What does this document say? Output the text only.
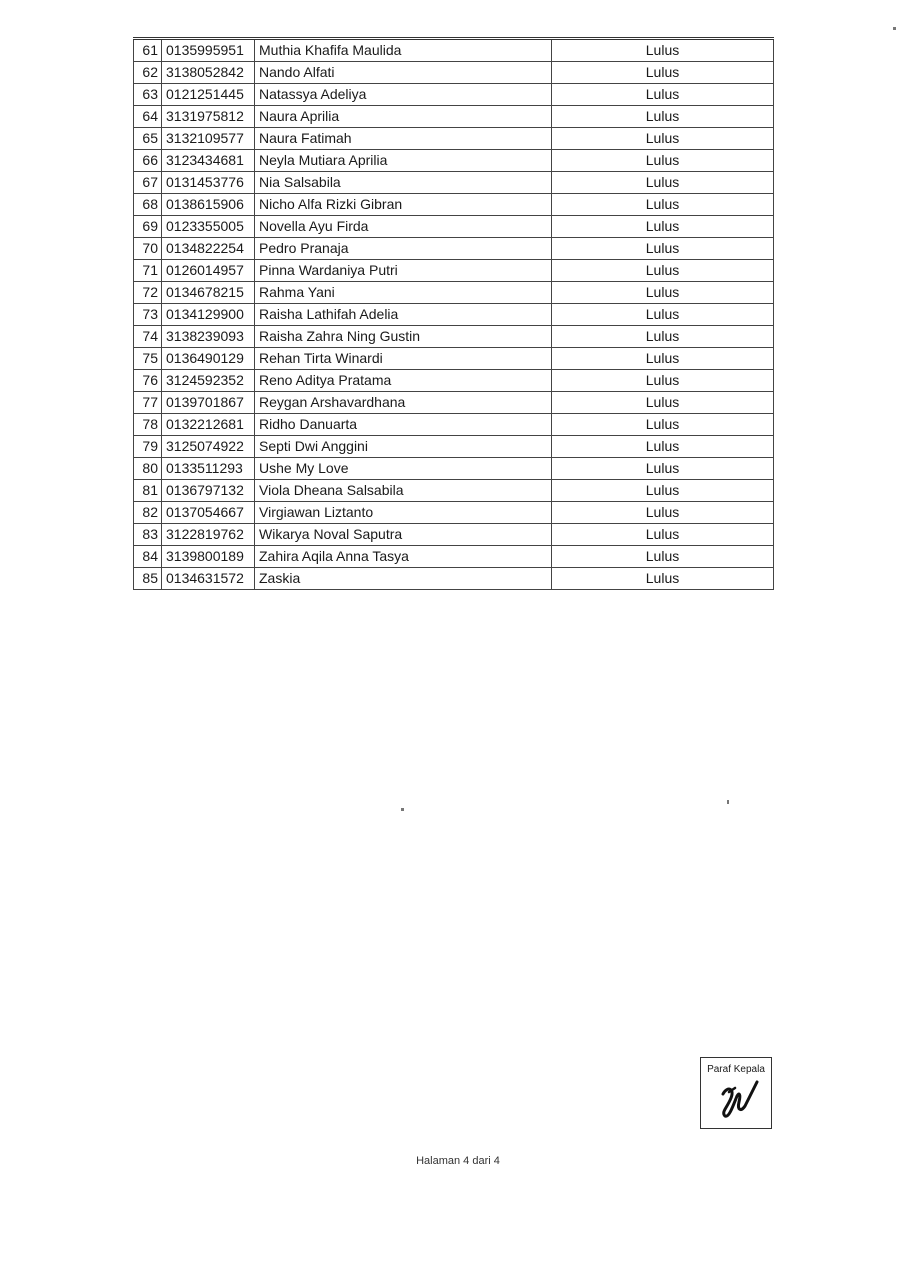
61	0135995951	Muthia Khafifa Maulida	Lulus
62	3138052842	Nando Alfati	Lulus
63	0121251445	Natassya Adeliya	Lulus
64	3131975812	Naura Aprilia	Lulus
65	3132109577	Naura Fatimah	Lulus
66	3123434681	Neyla Mutiara Aprilia	Lulus
67	0131453776	Nia Salsabila	Lulus
68	0138615906	Nicho Alfa Rizki Gibran	Lulus
69	0123355005	Novella Ayu Firda	Lulus
70	0134822254	Pedro Pranaja	Lulus
71	0126014957	Pinna Wardaniya Putri	Lulus
72	0134678215	Rahma Yani	Lulus
73	0134129900	Raisha Lathifah Adelia	Lulus
74	3138239093	Raisha Zahra Ning Gustin	Lulus
75	0136490129	Rehan Tirta Winardi	Lulus
76	3124592352	Reno Aditya Pratama	Lulus
77	0139701867	Reygan Arshavardhana	Lulus
78	0132212681	Ridho Danuarta	Lulus
79	3125074922	Septi Dwi Anggini	Lulus
80	0133511293	Ushe My Love	Lulus
81	0136797132	Viola Dheana Salsabila	Lulus
82	0137054667	Virgiawan Liztanto	Lulus
83	3122819762	Wikarya Noval Saputra	Lulus
84	3139800189	Zahira Aqila Anna Tasya	Lulus
85	0134631572	Zaskia	Lulus
Paraf Kepala
Halaman 4 dari 4
